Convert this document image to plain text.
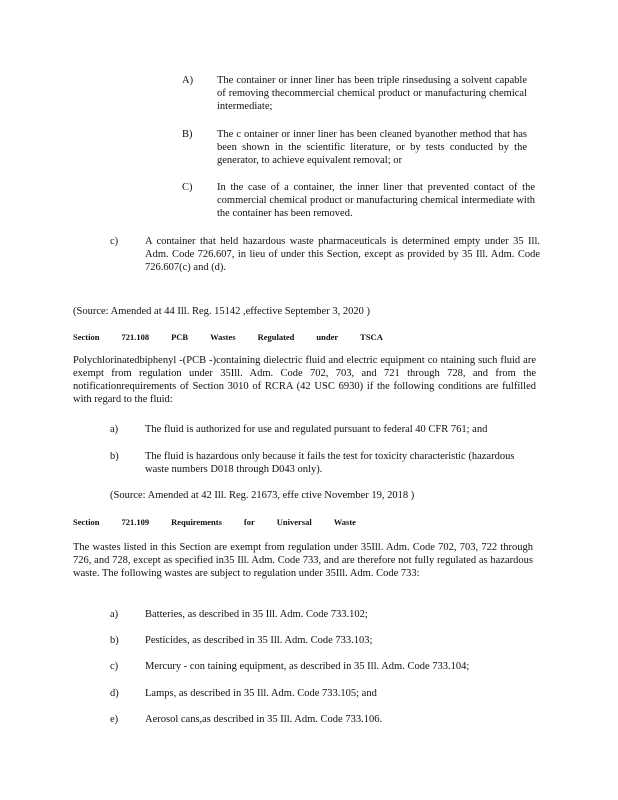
A) The container or inner liner has been triple rinsedusing a solvent capable of removing thecommercial chemical product or manufacturing chemical intermediate;

B) The c ontainer or inner liner has been cleaned byanother method that has been shown in the scientific literature, or by tests conducted by the generator, to achieve equivalent removal; or

C) In the case of a container, the inner liner that prevented contact of the commercial chemical product or manufacturing chemical intermediate with the container has been removed.

c)	A container that held hazardous waste pharmaceuticals is determined empty under 35 Ill. Adm. Code 726.607, in lieu of under this Section, except as provided by 35 Ill. Adm. Code 726.607(c) and (d).

(Source: Amended at 44 Ill. Reg. 15142 ,effective September 3, 2020 )
Section	721.108	PCB	Wastes	Regulated	under	TSCA
Polychlorinatedbiphenyl -(PCB -)containing dielectric fluid and electric equipment co ntaining such fluid are exempt from regulation under 35Ill. Adm. Code 702, 703, and 721 through 728, and from the notificationrequirements of Section 3010 of RCRA (42 USC 6930) if the following conditions are fulfilled with regard to the fluid:
a)	The fluid is authorized for use and regulated pursuant to federal 40 CFR 761; and

b)	The fluid is hazardous only because it fails the test for toxicity characteristic (hazardous waste numbers D018 through D043 only).

(Source: Amended at 42 Ill. Reg. 21673, effe ctive November 19, 2018 )
Section	721.109	Requirements	for	Universal	Waste
The wastes listed in this Section are exempt from regulation under 35Ill. Adm. Code 702, 703, 722 through 726, and 728, except as specified in35 Ill. Adm. Code 733, and are therefore not fully regulated as hazardous waste. The following wastes are subject to regulation under 35Ill. Adm. Code 733:
a)	Batteries, as described in 35 Ill. Adm. Code 733.102;

b)	Pesticides, as described in 35 Ill. Adm. Code 733.103;

c)	Mercury - con taining equipment, as described in 35 Ill. Adm. Code 733.104;

d)	Lamps, as described in 35 Ill. Adm. Code 733.105; and

e)	Aerosol cans,as described in 35 Ill. Adm. Code 733.106.
